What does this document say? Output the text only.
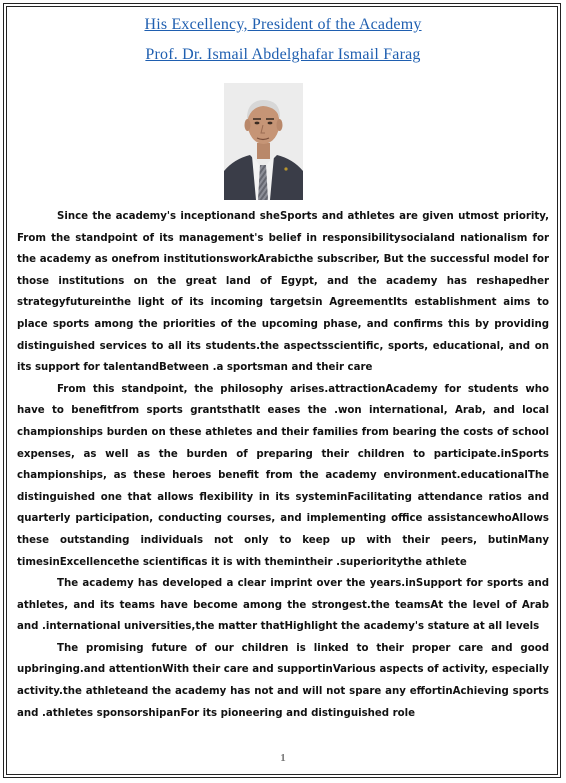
His Excellency, President of the Academy
Prof. Dr. Ismail Abdelghafar Ismail Farag

Since the academy's inceptionand sheSports and athletes are given utmost priority, From the standpoint of its management's belief in responsibilitysocialand nationalism for the academy as onefrom institutionsworkArabicthe subscriber, But the successful model for those institutions on the great land of Egypt, and the academy has reshapedher strategyfutureinthe light of its incoming targetsin AgreementIts establishment aims to place sports among the priorities of the upcoming phase, and confirms this by providing distinguished services to all its students.the aspectsscientific, sports, educational, and on its support for talentandBetween .a sportsman and their care

From this standpoint, the philosophy arises.attractionAcademy for students who have to benefitfrom sports grantsthatIt eases the .won international, Arab, and local championships burden on these athletes and their families from bearing the costs of school expenses, as well as the burden of preparing their children to participate.inSports championships, as these heroes benefit from the academy environment.educationalThe distinguished one that allows flexibility in its systeminFacilitating attendance ratios and quarterly participation, conducting courses, and implementing office assistancewhoAllows these outstanding individuals not only to keep up with their peers, butinMany timesinExcellencethe scientificas it is with themintheir .superioritythe athlete

The academy has developed a clear imprint over the years.inSupport for sports and athletes, and its teams have become among the strongest.the teamsAt the level of Arab and .international universities,the matter thatHighlight the academy's stature at all levels

The promising future of our children is linked to their proper care and good upbringing.and attentionWith their care and supportinVarious aspects of activity, especially activity.the athleteand the academy has not and will not spare any effortinAchieving sports and .athletes sponsorshipanFor its pioneering and distinguished role

1
